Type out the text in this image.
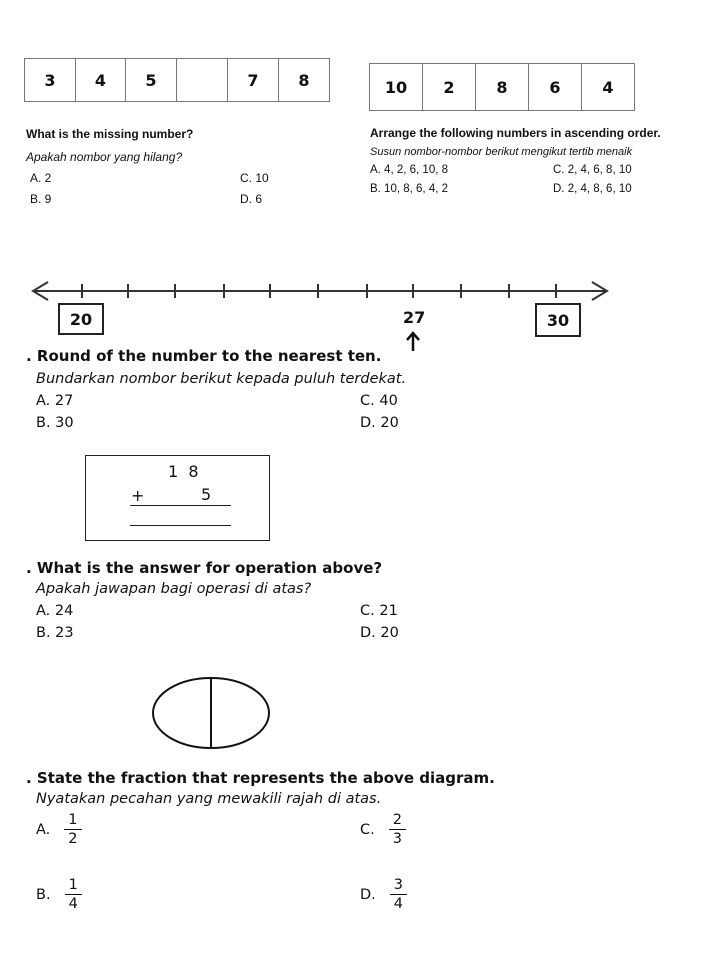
3	4	5	7	8	10	2	8	6	4
What is the missing number?
Apakah nombor yang hilang?
A. 2
B. 9
C. 10
D. 6
Arrange the following numbers in ascending order.
Susun nombor-nombor berikut mengikut tertib menaik
A. 4, 2, 6, 10, 8
B. 10, 8, 6, 4, 2
C. 2, 4, 6, 8, 10
D. 2, 4, 8, 6, 10
20	30
27
. Round of the number to the nearest ten.
Bundarkan nombor berikut kepada puluh terdekat.
A. 27
B. 30
C. 40
D. 20
1  8
+	5
. What is the answer for operation above?
Apakah jawapan bagi operasi di atas?
A. 24
B. 23
C. 21
D. 20
. State the fraction that represents the above diagram.
Nyatakan pecahan yang mewakili rajah di atas.
A. $\frac{1}{2}$
B. $\frac{1}{4}$
C. $\frac{2}{3}$
D. $\frac{3}{4}$
